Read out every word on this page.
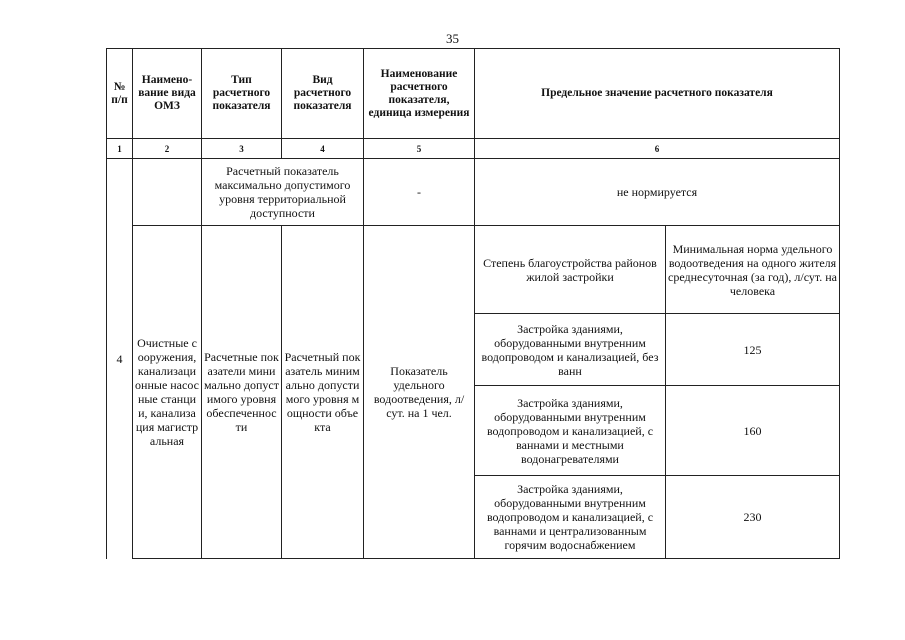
35
№ п/п	Наимено-вание вида ОМЗ	Тип расчетного показателя	Вид расчетного показателя	Наименование расчетного показателя, единица измерения	Предельное значение расчетного показателя	
1	2	3	4	5	6	
4		Расчетный показатель максимально допустимого уровня территориальной доступности		-	не нормируется	
	Очистные сооружения, канализационные насосные станции, канализация магистральная	Расчетные показатели минимально допустимого уровня обеспеченности	Расчетный показатель минимально допустимого уровня мощности объекта	Показатель удельного водоотведения, л/сут. на 1 чел.	Степень благоустройства районов жилой застройки	Минимальная норма удельного водоотведения на одного жителя среднесуточная (за год), л/сут. на человека
					Застройка зданиями, оборудованными внутренним водопроводом и канализацией, без ванн	125
					Застройка зданиями, оборудованными внутренним водопроводом и канализацией, с ваннами и местными водонагревателями	160
					Застройка зданиями, оборудованными внутренним водопроводом и канализацией, с ваннами и централизованным горячим водоснабжением	230
